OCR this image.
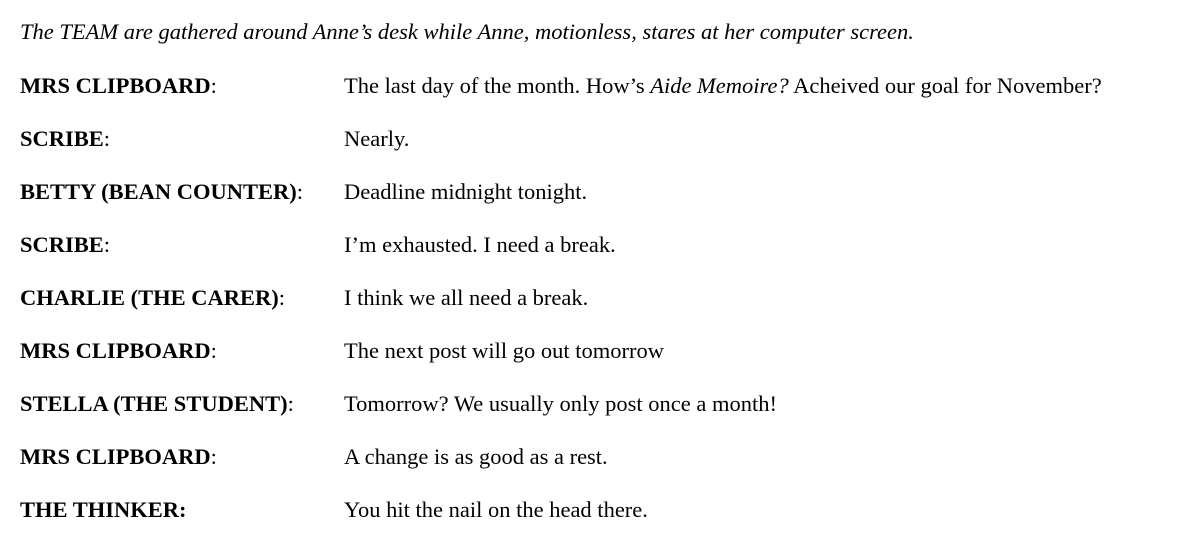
The TEAM are gathered around Anne’s desk while Anne, motionless, stares at her computer screen.
MRS CLIPBOARD:	The last day of the month. How’s Aide Memoire? Acheived our goal for November?
SCRIBE:	Nearly.
BETTY (BEAN COUNTER):	Deadline midnight tonight.
SCRIBE:	I’m exhausted. I need a break.
CHARLIE (THE CARER):	I think we all need a break.
MRS CLIPBOARD:	The next post will go out tomorrow
STELLA (THE STUDENT):	Tomorrow? We usually only post once a month!
MRS CLIPBOARD:	A change is as good as a rest.
THE THINKER:	You hit the nail on the head there.
